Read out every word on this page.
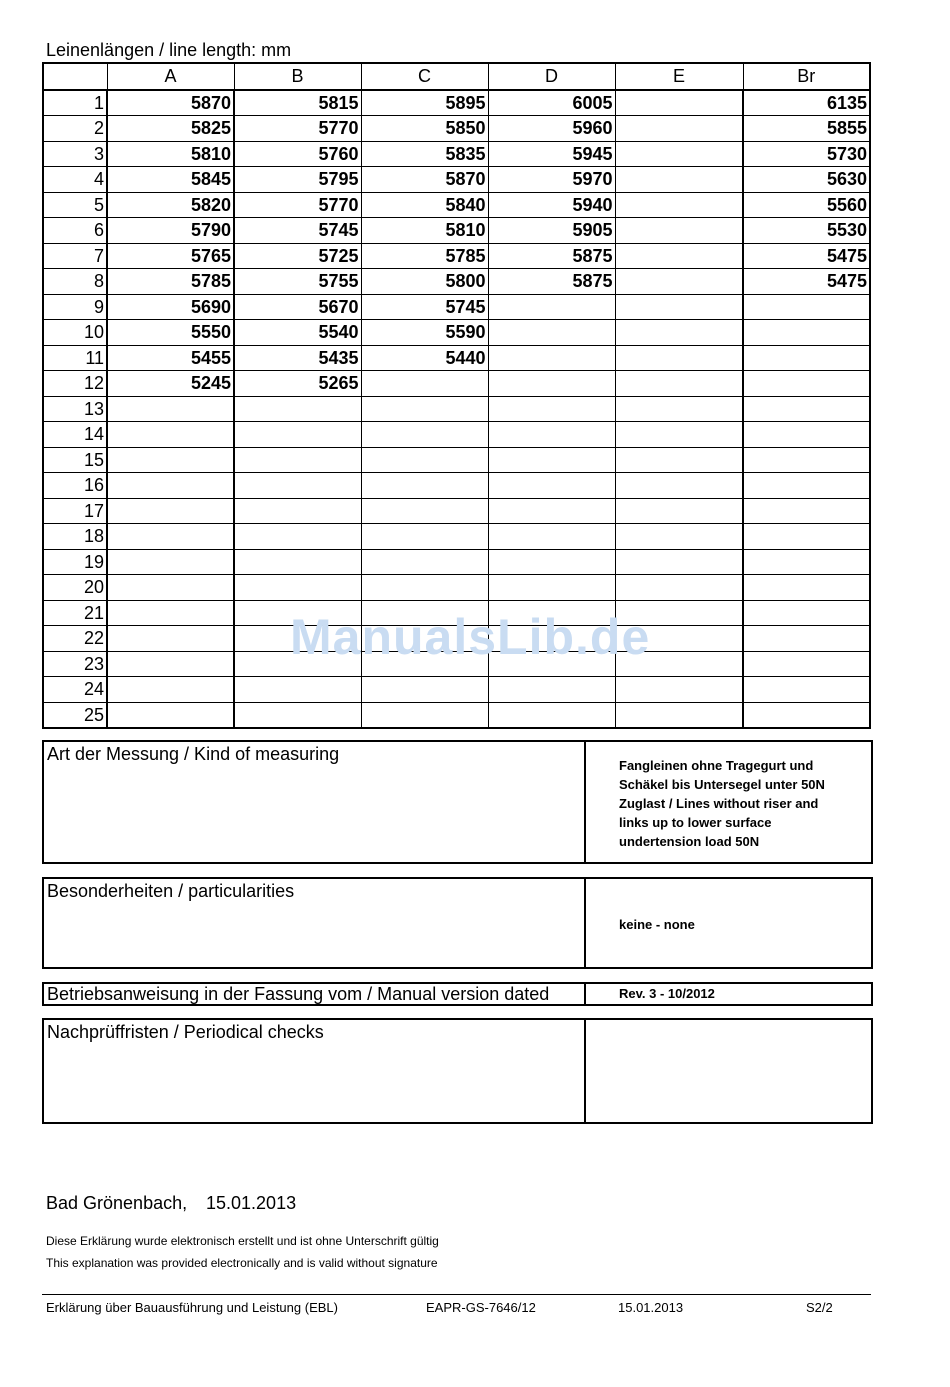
Leinenlängen / line length: mm
	A	B	C	D	E	Br
1	5870	5815	5895	6005		6135
2	5825	5770	5850	5960		5855
3	5810	5760	5835	5945		5730
4	5845	5795	5870	5970		5630
5	5820	5770	5840	5940		5560
6	5790	5745	5810	5905		5530
7	5765	5725	5785	5875		5475
8	5785	5755	5800	5875		5475
9	5690	5670	5745			
10	5550	5540	5590			
11	5455	5435	5440			
12	5245	5265				
13						
14						
15						
16						
17						
18						
19						
20						
21						
22						
23						
24						
25						
ManualsLib.de
Art der Messung / Kind of measuring
Fangleinen ohne Tragegurt und
Schäkel bis Untersegel unter 50N
Zuglast / Lines without riser and
links up to lower surface
undertension load 50N
Besonderheiten / particularities
keine - none
Betriebsanweisung in der Fassung vom / Manual version dated	Rev. 3 - 10/2012
Nachprüffristen / Periodical checks
Bad Grönenbach, 15.01.2013
Diese Erklärung wurde elektronisch erstellt und ist ohne Unterschrift gültig
This explanation was provided electronically and is valid without signature
Erklärung über Bauausführung und Leistung (EBL)	EAPR-GS-7646/12	15.01.2013	S2/2
